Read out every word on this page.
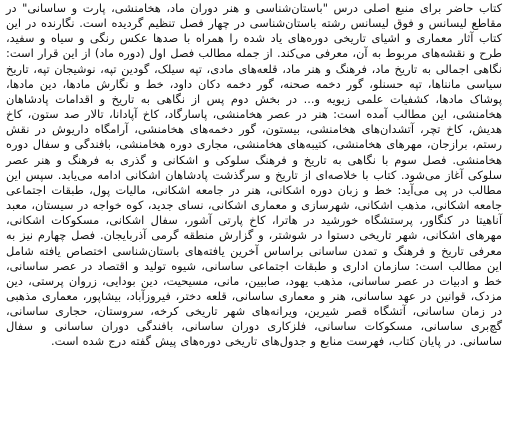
کتاب حاضر برای منبع اصلی درس "باستان‌شناسی و هنر دوران ماد، هخامنشی، پارت و ساسانی" در مقاطع لیسانس و فوق لیسانس رشته باستان‌شناسی در چهار فصل تنظیم گردیده است. نگارنده در این کتاب آثار معماری و اشیای تاریخی دوره‌های یاد شده را همراه با صدها عکس رنگی و سیاه و سفید، طرح و نقشه‌های مربوط به آن، معرفی می‌کند. از جمله مطالب فصل اول (دوره ماد) از این قرار است: نگاهی اجمالی به تاریخ ماد، فرهنگ و هنر ماد، قلعه‌های مادی، تپه سیلک، گودین تپه، نوشیجان تپه، تاریخ سیاسی مانناها، تپه حسنلو، گور دخمه صحنه، گور دخمه دکان داود، خط و نگارش مادها، دین مادها، پوشاک مادها، کشفیات علمی زیویه و... در بخش دوم پس از نگاهی به تاریخ و اقدامات پادشاهان هخامنشی، این مطالب آمده است: هنر در عصر هخامنشی، پاسارگاد، کاخ آپادانا، تالار صد ستون، کاخ هدیش، کاخ تچر، آتشدان‌های هخامنشی، بیستون، گور دخمه‌های هخامنشی، آرامگاه داریوش در نقش رستم، برازجان، مهرهای هخامنشی، کتیبه‌های هخامنشی، مجاری دوره هخامنشی، بافندگی و سفال دوره هخامنشی. فصل سوم با نگاهی به تاریخ و فرهنگ سلوکی و اشکانی و گذری به فرهنگ و هنر عصر سلوکی آغاز می‌شود. کتاب با خلاصه‌ای از تاریخ و سرگذشت پادشاهان اشکانی ادامه می‌یابد. سپس این مطالب در پی می‌آید: خط و زبان دوره اشکانی، هنر در جامعه اشکانی، مالیات پول، طبقات اجتماعی جامعه اشکانی، مذهب اشکانی، شهرسازی و معماری اشکانی، نسای جدید، کوه خواجه در سیستان، معبد آناهیتا در کنگاور، پرستشگاه خورشید در هاترا، کاخ پارتی آشور، سفال اشکانی، مسکوکات اشکانی، مهرهای اشکانی، شهر تاریخی دستوا در شوشتر، و گزارش منطقه گرمی آذربایجان. فصل چهارم نیز به معرفی تاریخ و فرهنگ و تمدن ساسانی براساس آخرین یافته‌های باستان‌شناسی اختصاص یافته شامل این مطالب است: سازمان اداری و طبقات اجتماعی ساسانی، شیوه تولید و اقتصاد در عصر ساسانی، خط و ادبیات در عصر ساسانی، مذهب یهود، صابیین، مانی، مسیحیت، دین بودایی، زروان پرستی، دین مزدک، قوانین در عهد ساسانی، هنر و معماری ساسانی، قلعه دختر، فیروزآباد، بیشاپور، معماری مذهبی در زمان ساسانی، آتشگاه قصر شیرین، ویرانه‌های شهر تاریخی کرخه، سروستان، حجاری ساسانی، گچ‌بری ساسانی، مسکوکات ساسانی، فلزکاری دوران ساسانی، بافندگی دوران ساسانی و سفال ساسانی. در پایان کتاب، فهرست منابع و جدول‌های تاریخی دوره‌های پیش گفته درج شده است.
